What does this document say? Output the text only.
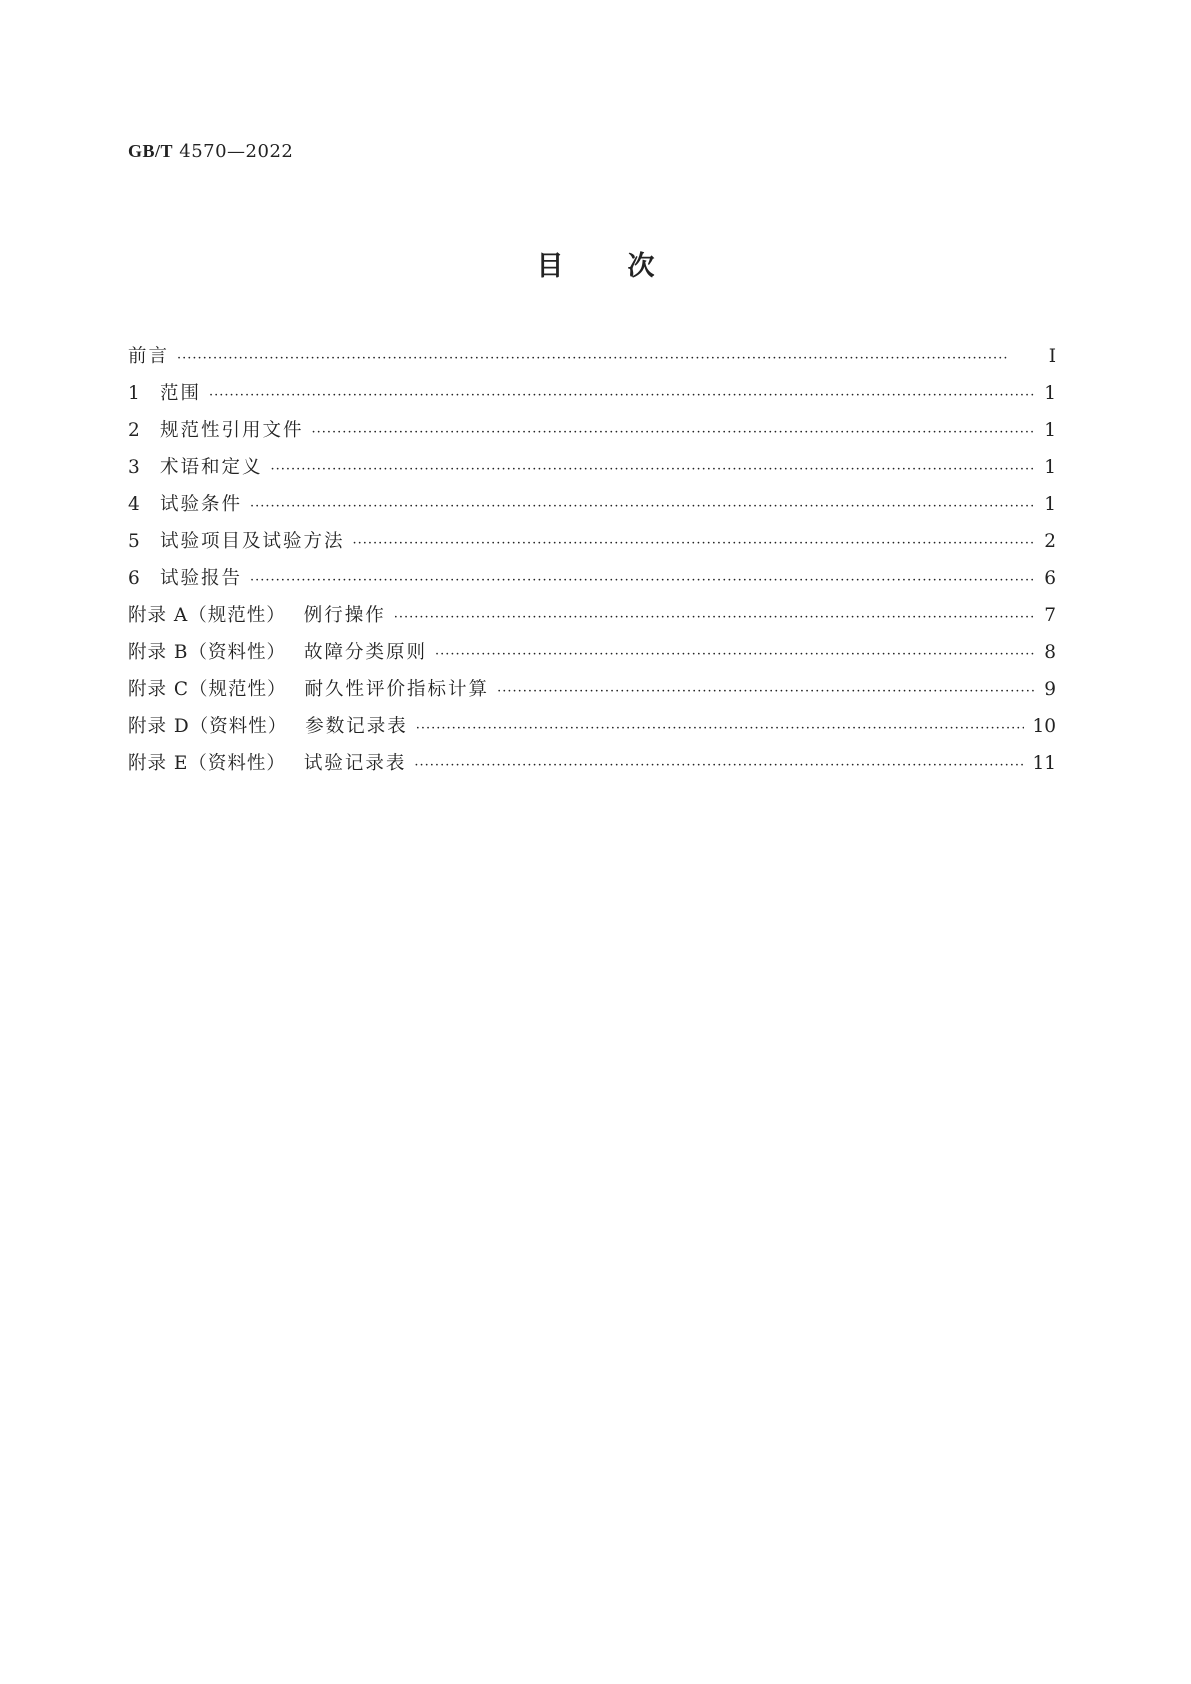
GB/T 4570—2022
目 次
前言 ·····	Ⅰ
1	范围 ·····	1
2	规范性引用文件 ·····	1
3	术语和定义 ·····	1
4	试验条件 ·····	1
5	试验项目及试验方法 ·····	2
6	试验报告 ·····	6
附录 A（规范性） 例行操作 ·····	7
附录 B（资料性） 故障分类原则 ·····	8
附录 C（规范性） 耐久性评价指标计算 ·····	9
附录 D（资料性） 参数记录表 ·····	10
附录 E（资料性） 试验记录表 ·····	11
